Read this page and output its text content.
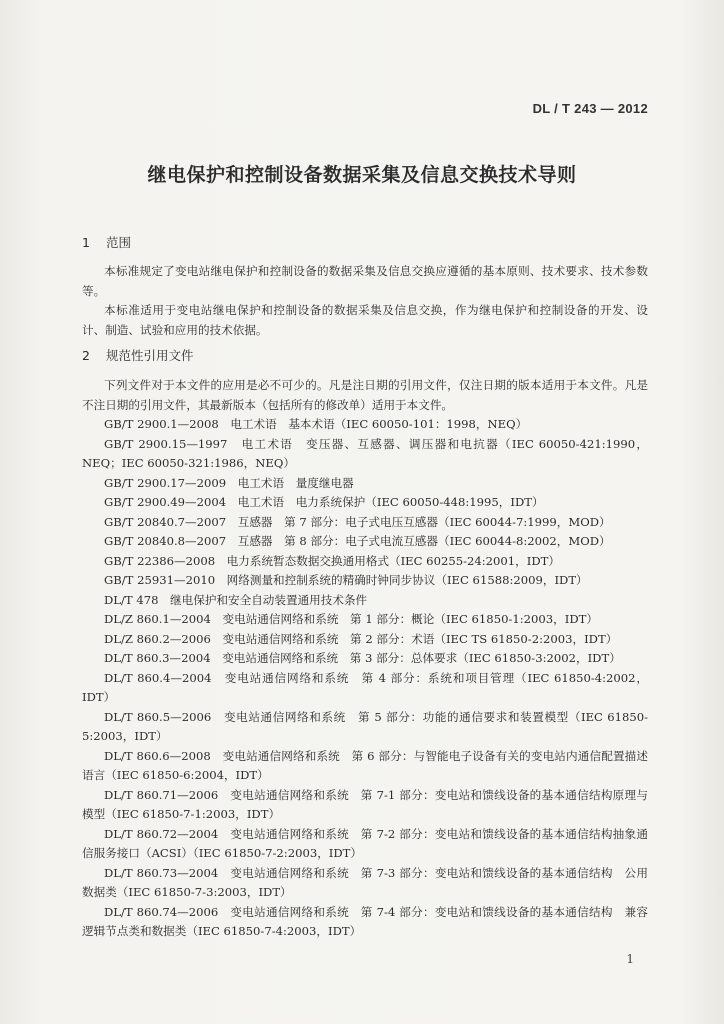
DL / T 243 — 2012
继电保护和控制设备数据采集及信息交换技术导则
1 范围

本标准规定了变电站继电保护和控制设备的数据采集及信息交换应遵循的基本原则、技术要求、技术参数等。

本标准适用于变电站继电保护和控制设备的数据采集及信息交换，作为继电保护和控制设备的开发、设计、制造、试验和应用的技术依据。

2 规范性引用文件

下列文件对于本文件的应用是必不可少的。凡是注日期的引用文件，仅注日期的版本适用于本文件。凡是不注日期的引用文件，其最新版本（包括所有的修改单）适用于本文件。

GB/T 2900.1—2008　电工术语　基本术语（IEC 60050-101：1998，NEQ）

GB/T 2900.15—1997　电工术语　变压器、互感器、调压器和电抗器（IEC 60050-421:1990，NEQ；IEC 60050-321:1986，NEQ）

GB/T 2900.17—2009　电工术语　量度继电器

GB/T 2900.49—2004　电工术语　电力系统保护（IEC 60050-448:1995，IDT）

GB/T 20840.7—2007　互感器　第 7 部分：电子式电压互感器（IEC 60044-7:1999，MOD）

GB/T 20840.8—2007　互感器　第 8 部分：电子式电流互感器（IEC 60044-8:2002，MOD）

GB/T 22386—2008　电力系统暂态数据交换通用格式（IEC 60255-24:2001，IDT）

GB/T 25931—2010　网络测量和控制系统的精确时钟同步协议（IEC 61588:2009，IDT）

DL/T 478　继电保护和安全自动装置通用技术条件

DL/Z 860.1—2004　变电站通信网络和系统　第 1 部分：概论（IEC 61850-1:2003，IDT）

DL/Z 860.2—2006　变电站通信网络和系统　第 2 部分：术语（IEC TS 61850-2:2003，IDT）

DL/T 860.3—2004　变电站通信网络和系统　第 3 部分：总体要求（IEC 61850-3:2002，IDT）

DL/T 860.4—2004　变电站通信网络和系统　第 4 部分：系统和项目管理（IEC 61850-4:2002，IDT）

DL/T 860.5—2006　变电站通信网络和系统　第 5 部分：功能的通信要求和装置模型（IEC 61850-5:2003，IDT）

DL/T 860.6—2008　变电站通信网络和系统　第 6 部分：与智能电子设备有关的变电站内通信配置描述语言（IEC 61850-6:2004，IDT）

DL/T 860.71—2006　变电站通信网络和系统　第 7-1 部分：变电站和馈线设备的基本通信结构原理与模型（IEC 61850-7-1:2003，IDT）

DL/T 860.72—2004　变电站通信网络和系统　第 7-2 部分：变电站和馈线设备的基本通信结构抽象通信服务接口（ACSI）（IEC 61850-7-2:2003，IDT）

DL/T 860.73—2004　变电站通信网络和系统　第 7-3 部分：变电站和馈线设备的基本通信结构　公用数据类（IEC 61850-7-3:2003，IDT）

DL/T 860.74—2006　变电站通信网络和系统　第 7-4 部分：变电站和馈线设备的基本通信结构　兼容逻辑节点类和数据类（IEC 61850-7-4:2003，IDT）

1
